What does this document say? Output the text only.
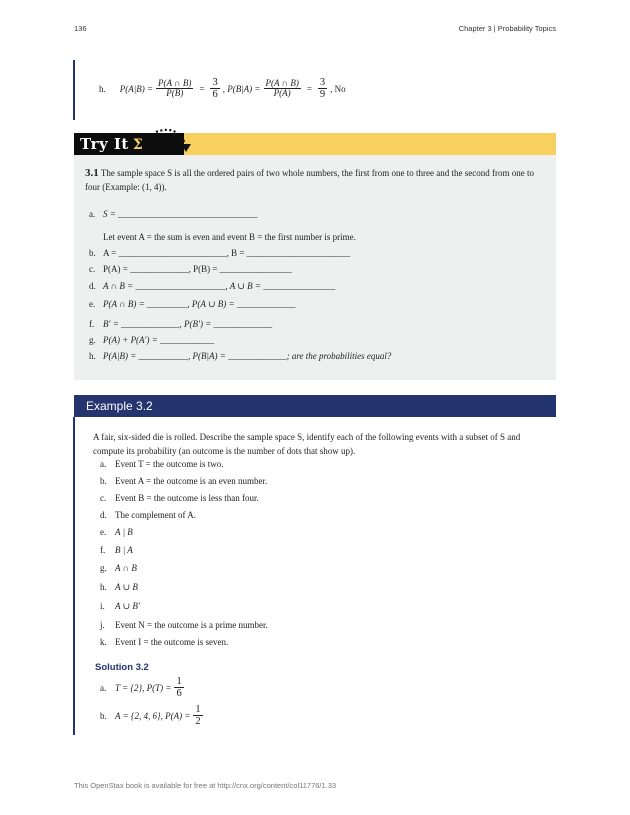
136	Chapter 3 | Probability Topics
h. $P(A|B) = \frac{P(A \cap B)}{P(B)} = \frac{3}{6}$ , $P(B|A) = \frac{P(A \cap B)}{P(A)} = \frac{3}{9}$ , No
Try It Σ
3.1 The sample space S is all the ordered pairs of two whole numbers, the first from one to three and the second from one to four (Example: (1, 4)).
a. S = _______________________________
Let event A = the sum is even and event B = the first number is prime.
b. A = ________________________, B = _______________________
c. P(A) = _____________, P(B) = ________________
d. A ∩ B = ____________________, A ∪ B = ________________
e. P(A ∩ B) = _________, P(A ∪ B) = _____________
f. B′ = _____________, P(B′) = _____________
g. P(A) + P(A′) = ____________
h. P(A|B) = ___________, P(B|A) = _____________; are the probabilities equal?
Example 3.2
A fair, six-sided die is rolled. Describe the sample space S, identify each of the following events with a subset of S and compute its probability (an outcome is the number of dots that show up).
a. Event T = the outcome is two.
b. Event A = the outcome is an even number.
c. Event B = the outcome is less than four.
d. The complement of A.
e. A | B
f. B | A
g. A ∩ B
h. A ∪ B
i. A ∪ B′
j. Event N = the outcome is a prime number.
k. Event I = the outcome is seven.
Solution 3.2
a. T = {2}, $P(T) = \frac{1}{6}$
b. A = {2, 4, 6}, $P(A) = \frac{1}{2}$
This OpenStax book is available for free at http://cnx.org/content/col11776/1.33
